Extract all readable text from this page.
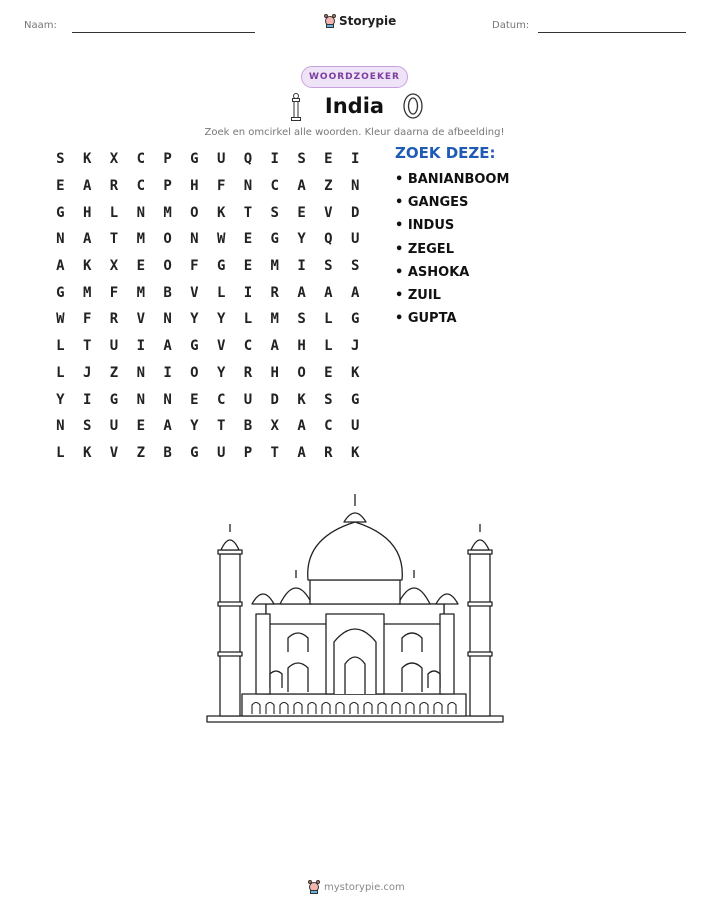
Naam:	Storypie	Datum:
WOORDZOEKER
India
Zoek en omcirkel alle woorden. Kleur daarna de afbeelding!
S	K	X	C	P	G	U	Q	I	S	E	I
E	A	R	C	P	H	F	N	C	A	Z	N
G	H	L	N	M	O	K	T	S	E	V	D
N	A	T	M	O	N	W	E	G	Y	Q	U
A	K	X	E	O	F	G	E	M	I	S	S
G	M	F	M	B	V	L	I	R	A	A	A
W	F	R	V	N	Y	Y	L	M	S	L	G
L	T	U	I	A	G	V	C	A	H	L	J
L	J	Z	N	I	O	Y	R	H	O	E	K
Y	I	G	N	N	E	C	U	D	K	S	G
N	S	U	E	A	Y	T	B	X	A	C	U
L	K	V	Z	B	G	U	P	T	A	R	K
ZOEK DEZE:
• BANIANBOOM
• GANGES
• INDUS
• ZEGEL
• ASHOKA
• ZUIL
• GUPTA
mystorypie.com
